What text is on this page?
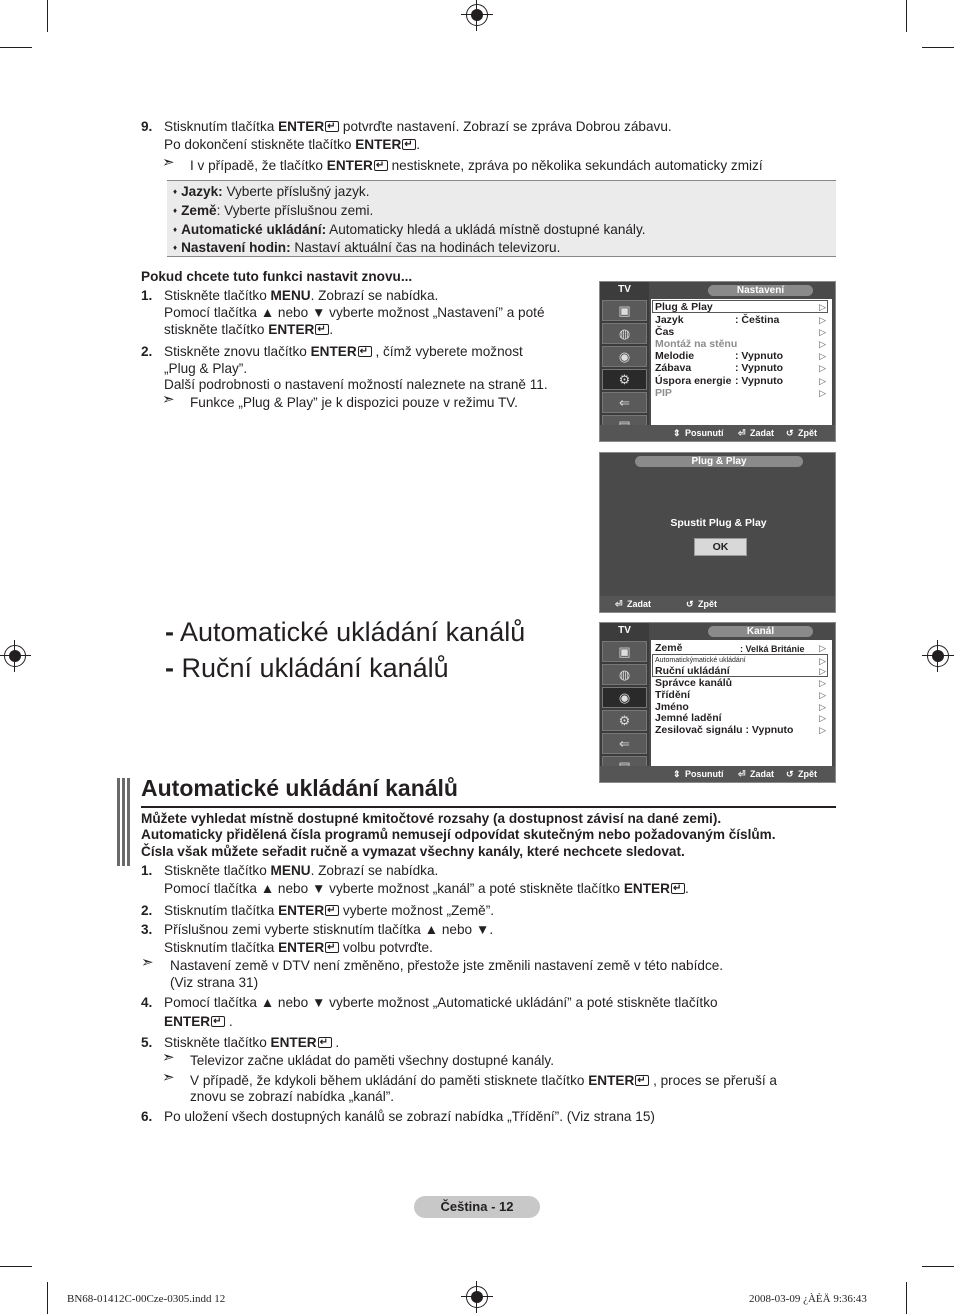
9. Stisknutím tlačítka ENTER↵ potvrďte nastavení. Zobrazí se zpráva Dobrou zábavu.
Po dokončení stiskněte tlačítko ENTER ↵ .
➣ I v případě, že tlačítko ENTER↵ nestisknete, zpráva po několika sekundách automaticky zmizí
♦ Jazyk: Vyberte příslušný jazyk.
♦ Země: Vyberte příslušnou zemi.
♦ Automatické ukládání: Automaticky hledá a ukládá místně dostupné kanály.
♦ Nastavení hodin: Nastaví aktuální čas na hodinách televizoru.
Pokud chcete tuto funkci nastavit znovu...
1. Stiskněte tlačítko MENU. Zobrazí se nabídka.
Pomocí tlačítka ▲ nebo ▼ vyberte možnost „Nastavení” a poté
stiskněte tlačítko ENTER ↵ .
2. Stiskněte znovu tlačítko ENTER↵ , čímž vyberete možnost
„Plug & Play”.
Další podrobnosti o nastavení možností naleznete na straně 11.
➣ Funkce „Plug & Play” je k dispozici pouze v režimu TV.
TV
▣
◍
◉
⚙
⇐
Nastavení
Plug & Play	▷
Jazyk	: Čeština	▷
Čas	▷
Montáž na stěnu	▷
Melodie	: Vypnuto	▷
Zábava	: Vypnuto	▷
Úspora energie : Vypnuto	▷
PIP	▷
⇕ Posunutí ⏎ Zadat ↺ Zpět
Plug & Play
Spustit Plug & Play
OK
⏎ Zadat	↺ Zpět
- Automatické ukládání kanálů
- Ruční ukládání kanálů
TV
▣
◍
◉
⚙
⇐
Kanál
Země	: Velká Británie ▷
Automatickýmatické ukládání	▷
Ruční ukládání	▷
Správce kanálů	▷
Třídění	▷
Jméno	▷
Jemné ladění	▷
Zesilovač signálu : Vypnuto	▷
⇕ Posunutí ⏎ Zadat ↺ Zpět
Automatické ukládání kanálů
Můžete vyhledat místně dostupné kmitočtové rozsahy (a dostupnost závisí na dané zemi).
Automaticky přidělená čísla programů nemusejí odpovídat skutečným nebo požadovaným číslům.
Čísla však můžete seřadit ručně a vymazat všechny kanály, které nechcete sledovat.
1. Stiskněte tlačítko MENU. Zobrazí se nabídka.
Pomocí tlačítka ▲ nebo ▼ vyberte možnost „kanál” a poté stiskněte tlačítko ENTER ↵ .
2. Stisknutím tlačítka ENTER↵ vyberte možnost „Země”.
3. Příslušnou zemi vyberte stisknutím tlačítka ▲ nebo ▼.
Stisknutím tlačítka ENTER↵ volbu potvrďte.
➣ Nastavení země v DTV není změněno, přestože jste změnili nastavení země v této nabídce.
(Viz strana 31)
4. Pomocí tlačítka ▲ nebo ▼ vyberte možnost „Automatické ukládání” a poté stiskněte tlačítko
ENTER↵ .
5. Stiskněte tlačítko ENTER↵ .
➣ Televizor začne ukládat do paměti všechny dostupné kanály.
➣ V případě, že kdykoli během ukládání do paměti stisknete tlačítko ENTER↵ , proces se přeruší a
znovu se zobrazí nabídka „kanál”.
6. Po uložení všech dostupných kanálů se zobrazí nabídka „Třídění”. (Viz strana 15)
Čeština - 12
BN68-01412C-00Cze-0305.indd 12	2008-03-09 ¿ÀÈÄ 9:36:43
